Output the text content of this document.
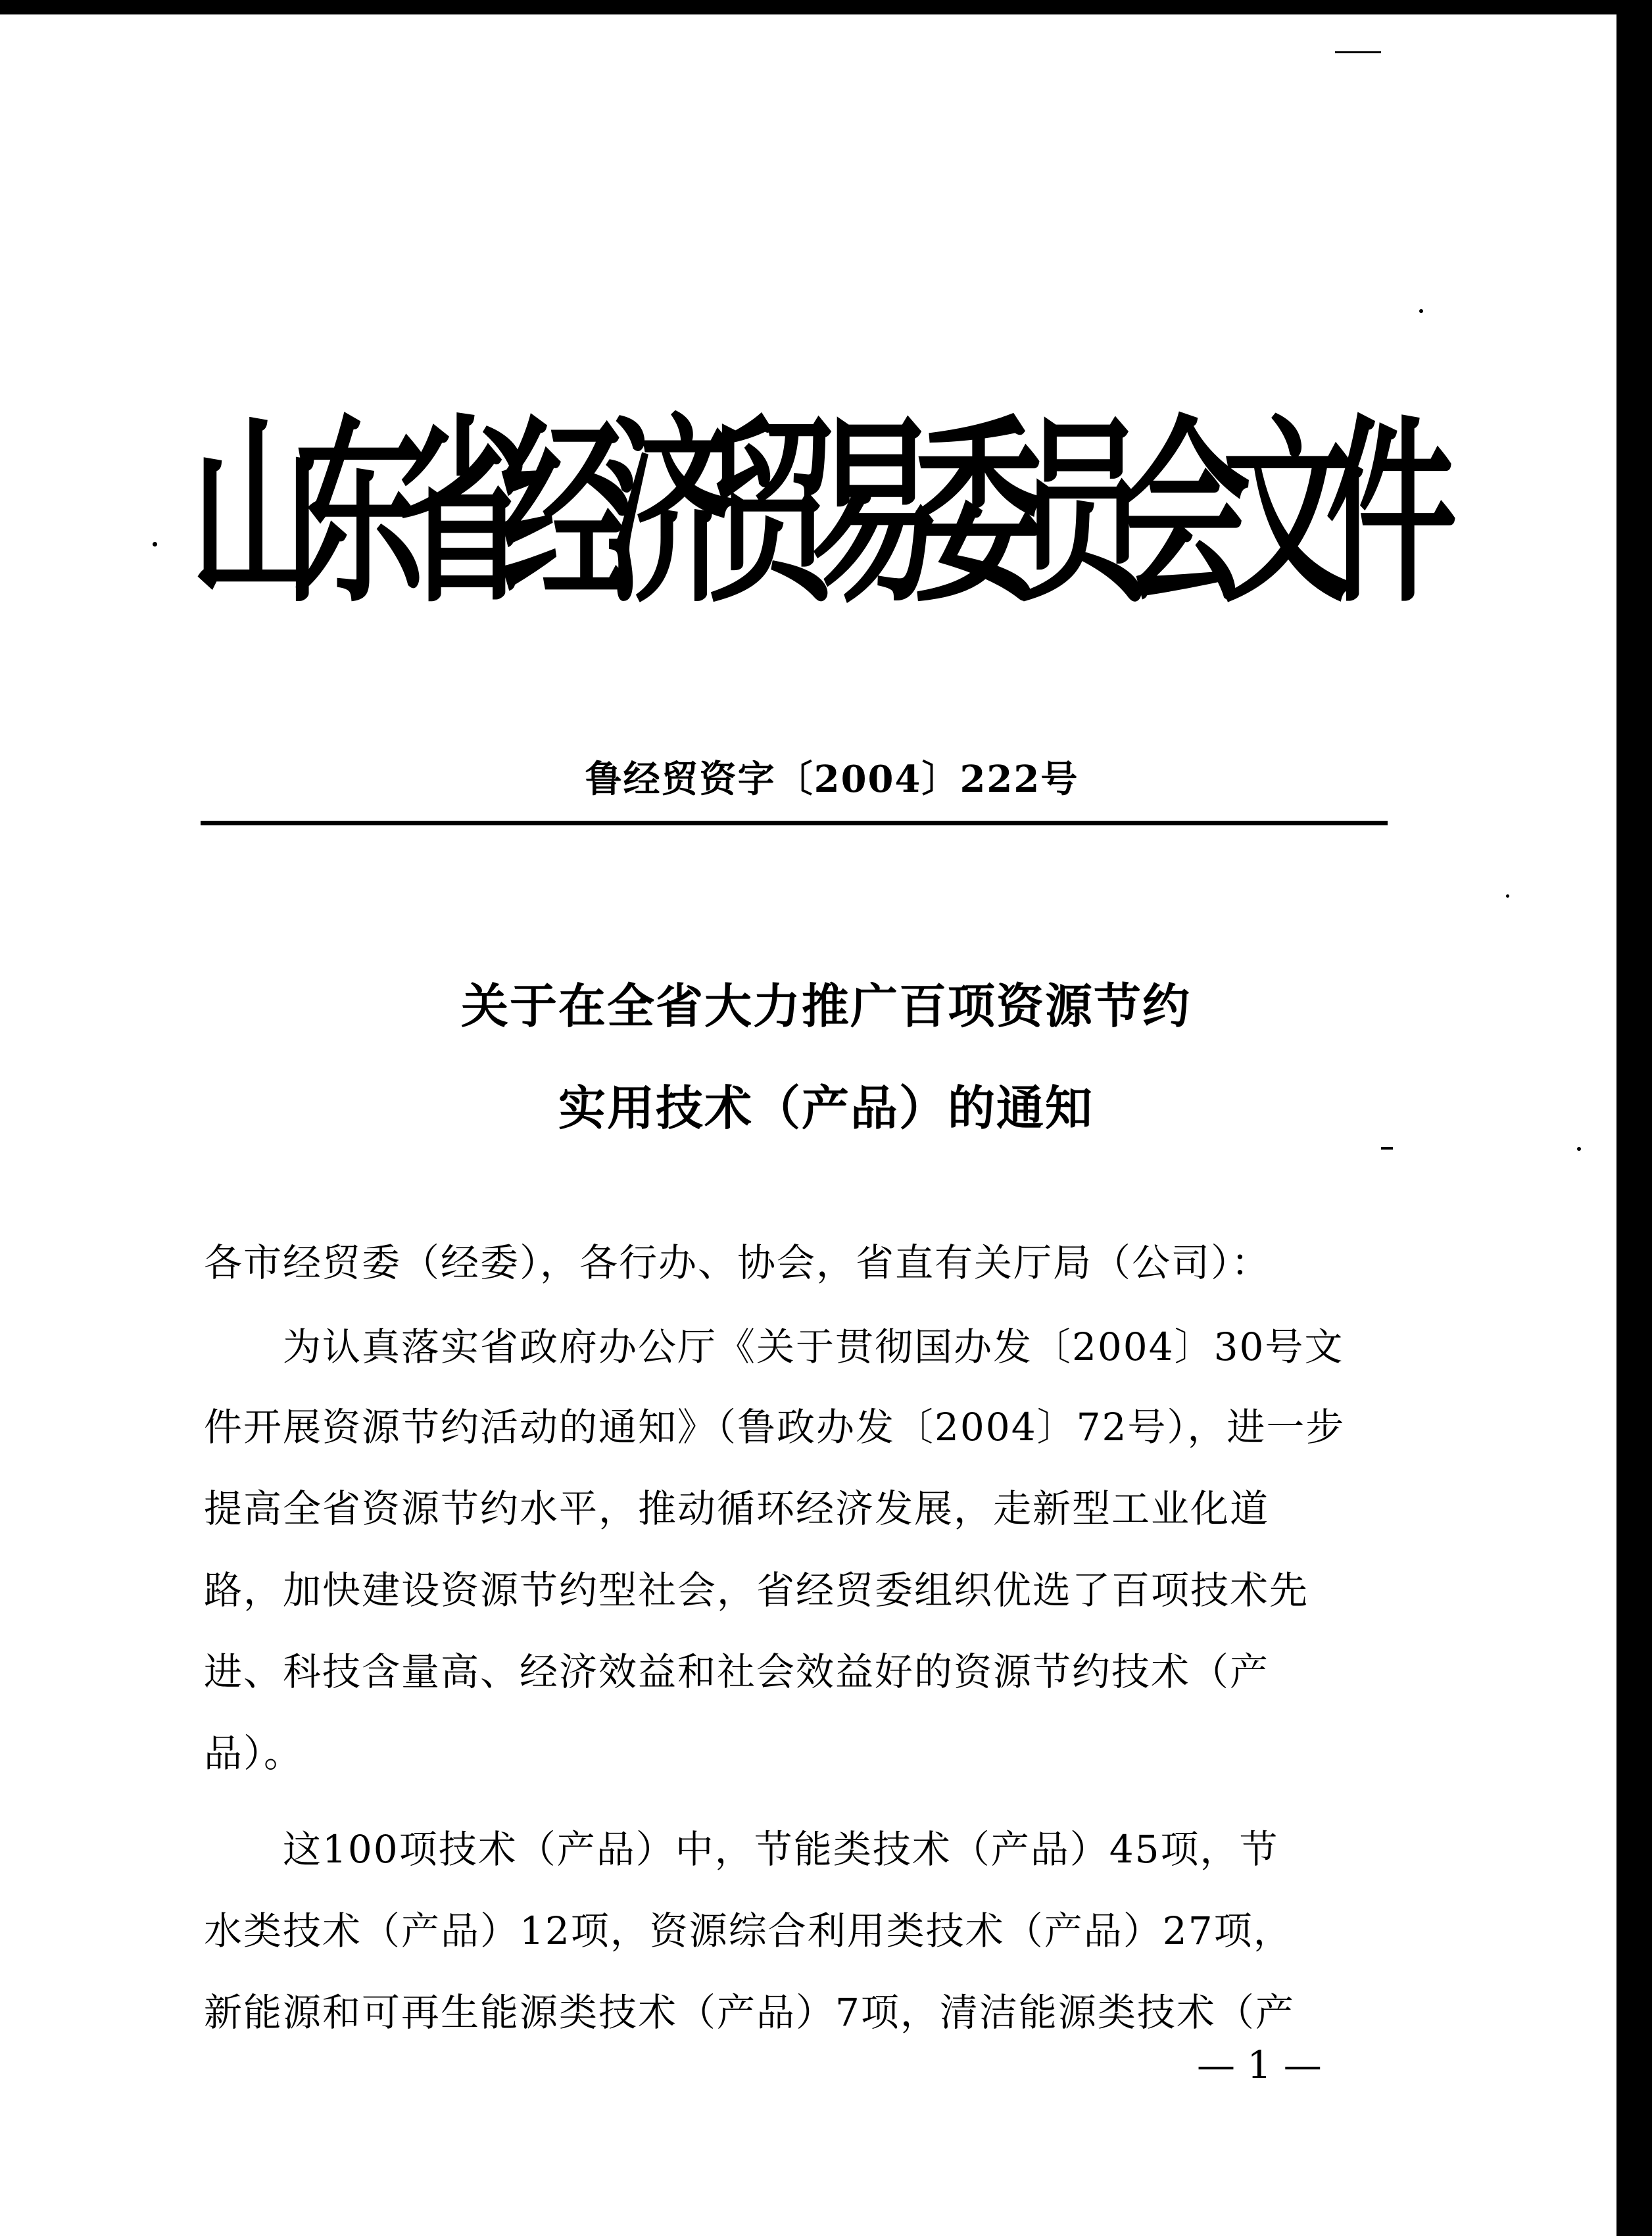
山东省经济贸易委员会文件
鲁经贸资字〔2004〕222号
关于在全省大力推广百项资源节约
实用技术（产品）的通知
各市经贸委（经委），各行办、协会，省直有关厅局（公司）：
　　为认真落实省政府办公厅《关于贯彻国办发〔2004〕30号文
件开展资源节约活动的通知》（鲁政办发〔2004〕72号），进一步
提高全省资源节约水平，推动循环经济发展，走新型工业化道
路，加快建设资源节约型社会，省经贸委组织优选了百项技术先
进、科技含量高、经济效益和社会效益好的资源节约技术（产
品）。
　　这100项技术（产品）中，节能类技术（产品）45项，节
水类技术（产品）12项，资源综合利用类技术（产品）27项，
新能源和可再生能源类技术（产品）7项，清洁能源类技术（产
— 1 —
